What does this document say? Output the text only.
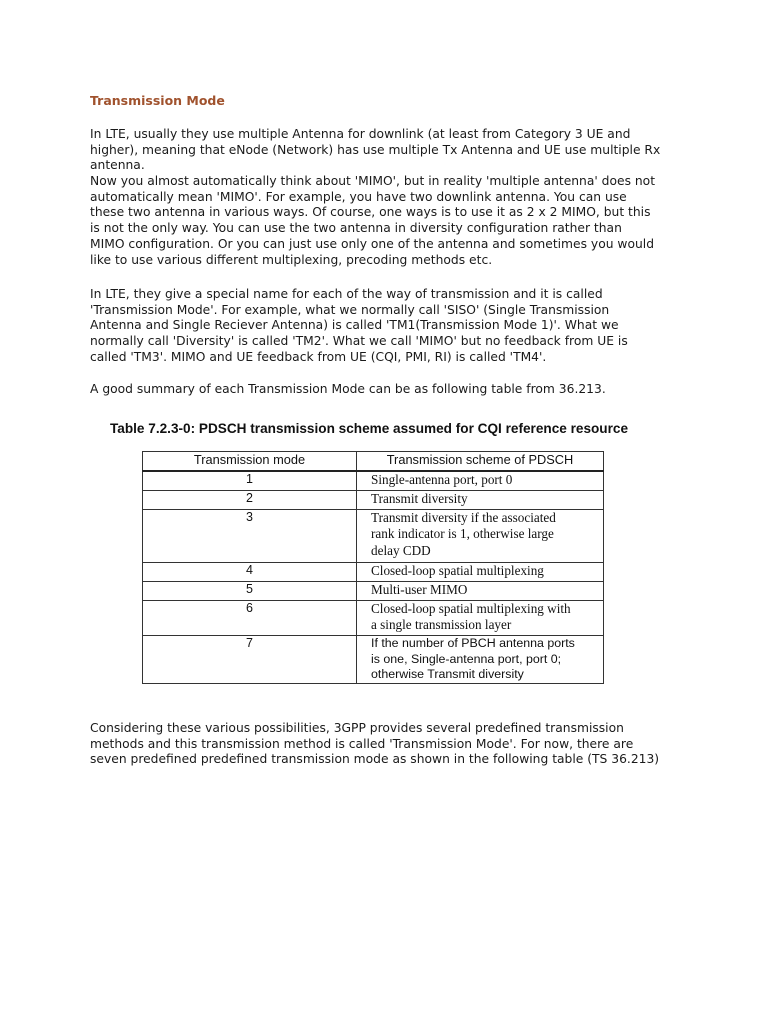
Transmission Mode

In LTE, usually they use multiple Antenna for downlink (at least from Category 3 UE and
higher), meaning that eNode (Network) has use multiple Tx Antenna and UE use multiple Rx
antenna.

Now you almost automatically think about 'MIMO', but in reality 'multiple antenna' does not
automatically mean 'MIMO'. For example, you have two downlink antenna. You can use
these two antenna in various ways. Of course, one ways is to use it as 2 x 2 MIMO, but this
is not the only way. You can use the two antenna in diversity configuration rather than
MIMO configuration. Or you can just use only one of the antenna and sometimes you would
like to use various different multiplexing, precoding methods etc.

In LTE, they give a special name for each of the way of transmission and it is called
'Transmission Mode'. For example, what we normally call 'SISO' (Single Transmission
Antenna and Single Reciever Antenna) is called 'TM1(Transmission Mode 1)'. What we
normally call 'Diversity' is called 'TM2'. What we call 'MIMO' but no feedback from UE is
called 'TM3'. MIMO and UE feedback from UE (CQI, PMI, RI) is called 'TM4'.

A good summary of each Transmission Mode can be as following table from 36.213.

Table 7.2.3-0: PDSCH transmission scheme assumed for CQI reference resource

Transmission mode	Transmission scheme of PDSCH
1	Single-antenna port, port 0
2	Transmit diversity
3	Transmit diversity if the associated
rank indicator is 1, otherwise large
delay CDD
4	Closed-loop spatial multiplexing
5	Multi-user MIMO
6	Closed-loop spatial multiplexing with
a single transmission layer
7	If the number of PBCH antenna ports
is one, Single-antenna port, port 0;
otherwise Transmit diversity

Considering these various possibilities, 3GPP provides several predefined transmission
methods and this transmission method is called 'Transmission Mode'. For now, there are
seven predefined predefined transmission mode as shown in the following table (TS 36.213)
